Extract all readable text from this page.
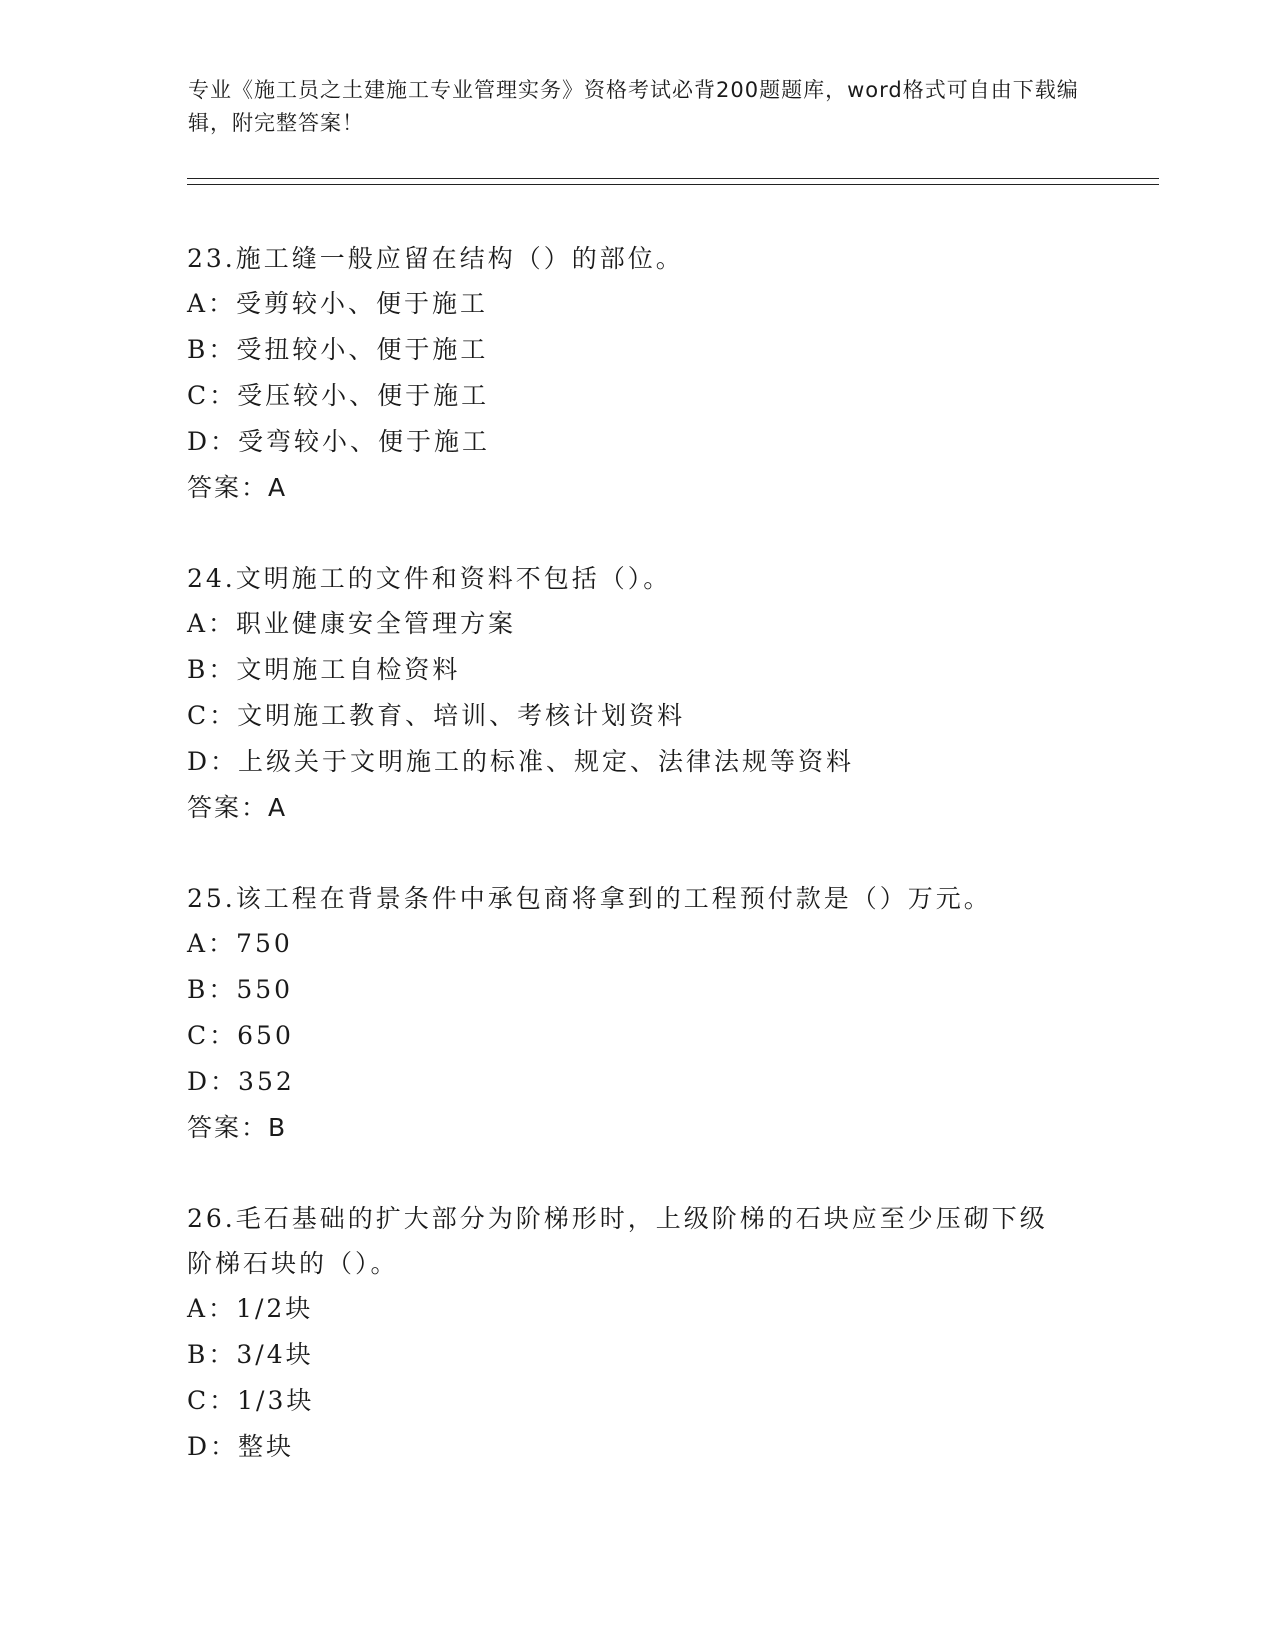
专业《施工员之土建施工专业管理实务》资格考试必背200题题库，word格式可自由下载编辑，附完整答案！
23.施工缝一般应留在结构（）的部位。
A：受剪较小、便于施工
B：受扭较小、便于施工
C：受压较小、便于施工
D：受弯较小、便于施工
答案：A
24.文明施工的文件和资料不包括（）。
A：职业健康安全管理方案
B：文明施工自检资料
C：文明施工教育、培训、考核计划资料
D：上级关于文明施工的标准、规定、法律法规等资料
答案：A
25.该工程在背景条件中承包商将拿到的工程预付款是（）万元。
A：750
B：550
C：650
D：352
答案：B
26.毛石基础的扩大部分为阶梯形时，上级阶梯的石块应至少压砌下级阶梯石块的（）。
A：1/2块
B：3/4块
C：1/3块
D：整块
